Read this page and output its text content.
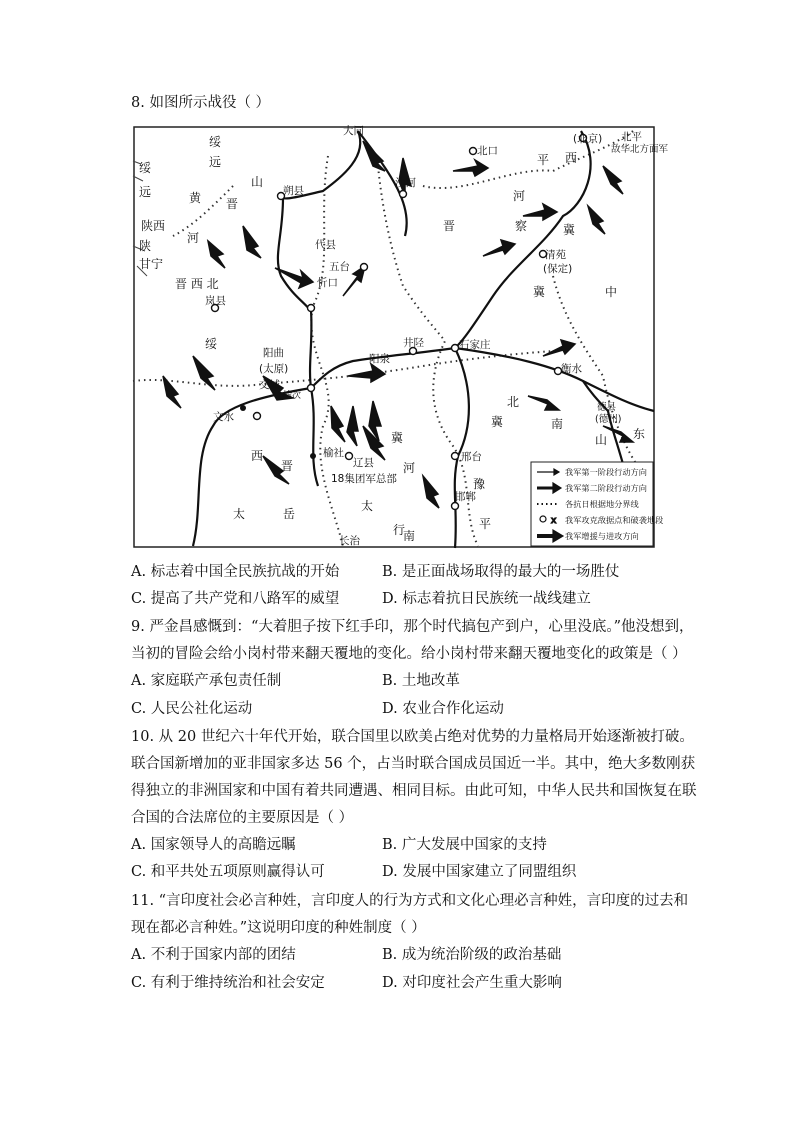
8. 如图所示战役（ ）
绥
远
绥
远
陕西
陕
甘宁
河
黄
山
晋
朔县
大同
北口
沙河
代县
五台
忻口
晋 西 北
岚县
绥
阳曲
(太原)
交城
榆次
文水
井陉
阳泉
石家庄
西
晋
榆社
辽县
18集团军总部
冀
太	岳
长治
太
行
河
南
邢台
豫
邯郸
平
北平
(北京)
敌华北方面军
平 西
河
察
晋	冀
清苑
(保定)
冀	中
衡水
北
冀	南
德县
(德州)
山 东
x
我军第一阶段行动方向
我军第二阶段行动方向
各抗日根据地分界线
我军攻克敌据点和破袭地段
我军增援与进攻方向
A. 标志着中国全民族抗战的开始	B. 是正面战场取得的最大的一场胜仗
C. 提高了共产党和八路军的威望	D. 标志着抗日民族统一战线建立
9. 严金昌感慨到：“大着胆子按下红手印，那个时代搞包产到户，心里没底。”他没想到，当初的冒险会给小岗村带来翻天覆地的变化。给小岗村带来翻天覆地变化的政策是（ ）
A. 家庭联产承包责任制	B. 土地改革
C. 人民公社化运动	D. 农业合作化运动
10. 从 20 世纪六十年代开始，联合国里以欧美占绝对优势的力量格局开始逐渐被打破。联合国新增加的亚非国家多达 56 个，占当时联合国成员国近一半。其中，绝大多数刚获得独立的非洲国家和中国有着共同遭遇、相同目标。由此可知，中华人民共和国恢复在联合国的合法席位的主要原因是（ ）
A. 国家领导人的高瞻远瞩	B. 广大发展中国家的支持
C. 和平共处五项原则赢得认可	D. 发展中国家建立了同盟组织
11. “言印度社会必言种姓，言印度人的行为方式和文化心理必言种姓，言印度的过去和现在都必言种姓。”这说明印度的种姓制度（ ）
A. 不利于国家内部的团结	B. 成为统治阶级的政治基础
C. 有利于维持统治和社会安定	D. 对印度社会产生重大影响
